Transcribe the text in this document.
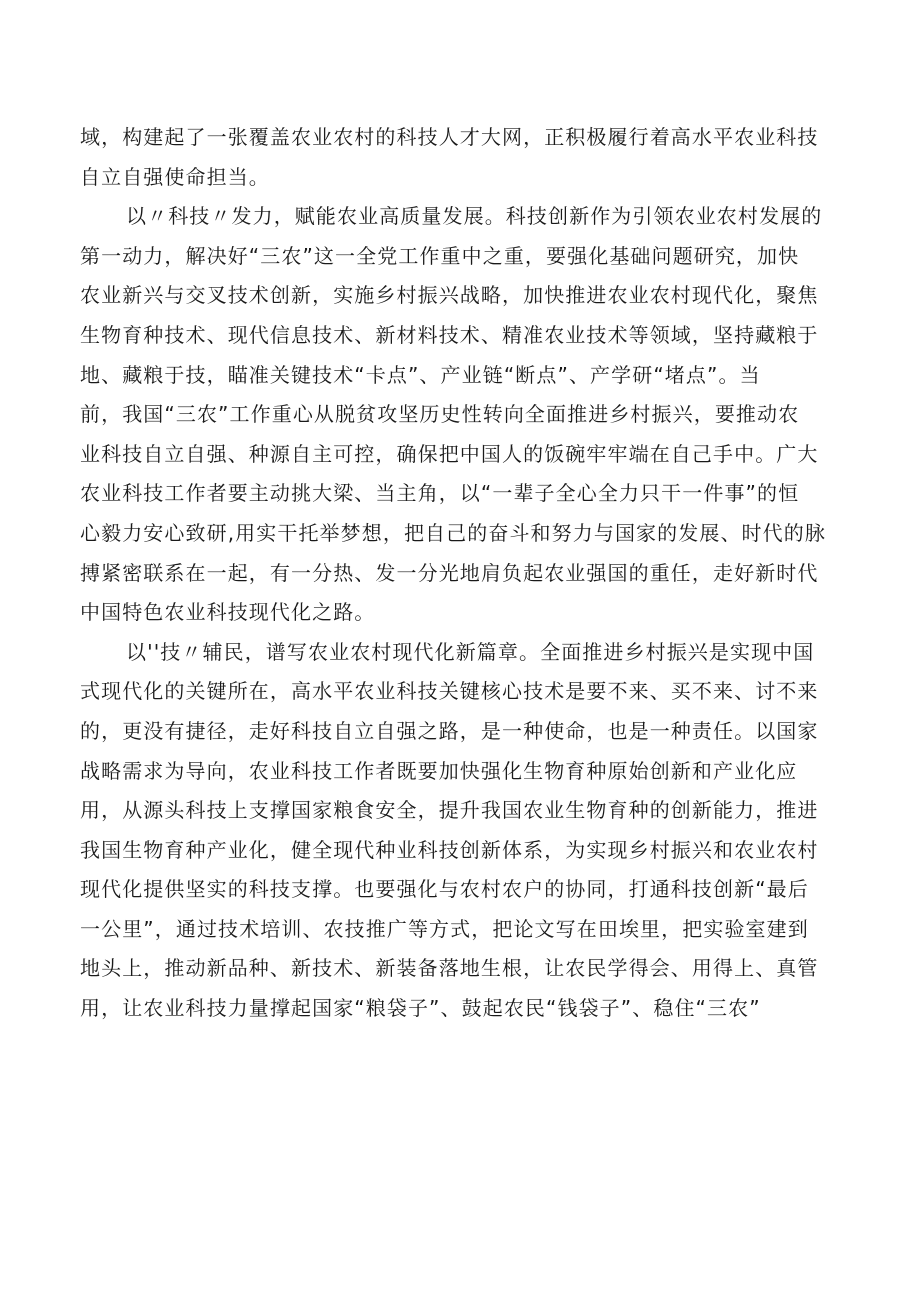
域，构建起了一张覆盖农业农村的科技人才大网，正积极履行着高水平农业科技
自立自强使命担当。
以〃科技〃发力，赋能农业高质量发展。科技创新作为引领农业农村发展的
第一动力，解决好“三农”这一全党工作重中之重，要强化基础问题研究，加快
农业新兴与交叉技术创新，实施乡村振兴战略，加快推进农业农村现代化，聚焦
生物育种技术、现代信息技术、新材料技术、精准农业技术等领域，坚持藏粮于
地、藏粮于技，瞄准关键技术“卡点”、产业链“断点”、产学研“堵点”。当
前，我国“三农”工作重心从脱贫攻坚历史性转向全面推进乡村振兴，要推动农
业科技自立自强、种源自主可控，确保把中国人的饭碗牢牢端在自己手中。广大
农业科技工作者要主动挑大梁、当主角，以“一辈子全心全力只干一件事”的恒
心毅力安心致研,用实干托举梦想，把自己的奋斗和努力与国家的发展、时代的脉
搏紧密联系在一起，有一分热、发一分光地肩负起农业强国的重任，走好新时代
中国特色农业科技现代化之路。
以''技〃辅民，谱写农业农村现代化新篇章。全面推进乡村振兴是实现中国
式现代化的关键所在，高水平农业科技关键核心技术是要不来、买不来、讨不来
的，更没有捷径，走好科技自立自强之路，是一种使命，也是一种责任。以国家
战略需求为导向，农业科技工作者既要加快强化生物育种原始创新和产业化应
用，从源头科技上支撑国家粮食安全，提升我国农业生物育种的创新能力，推进
我国生物育种产业化，健全现代种业科技创新体系，为实现乡村振兴和农业农村
现代化提供坚实的科技支撑。也要强化与农村农户的协同，打通科技创新“最后
一公里”，通过技术培训、农技推广等方式，把论文写在田埃里，把实验室建到
地头上，推动新品种、新技术、新装备落地生根，让农民学得会、用得上、真管
用，让农业科技力量撑起国家“粮袋子”、鼓起农民“钱袋子”、稳住“三农”
